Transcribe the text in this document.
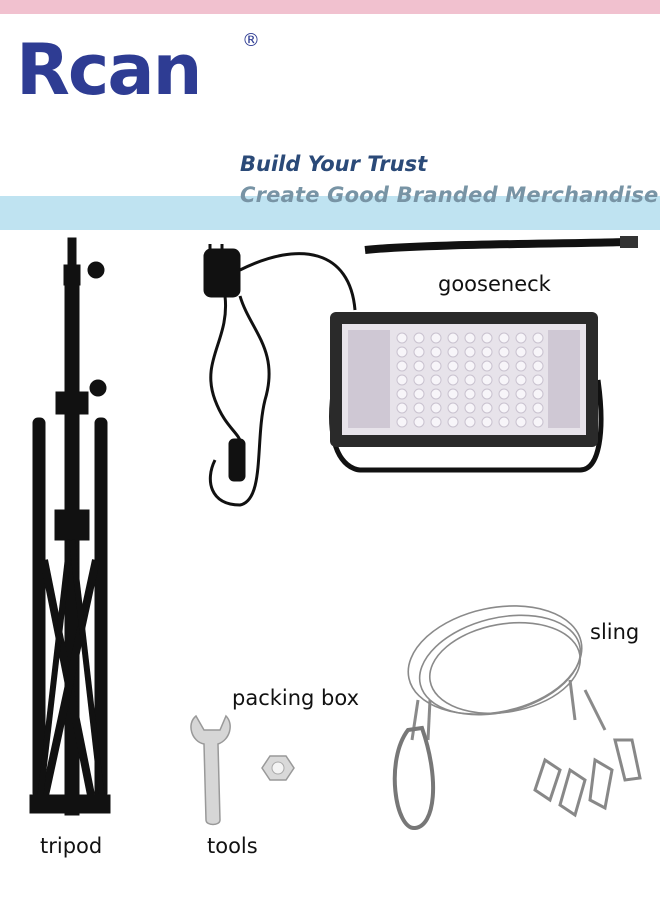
Rcan ®
Build Your Trust
Create Good Branded Merchandise
gooseneck
sling
packing box
tripod	tools
